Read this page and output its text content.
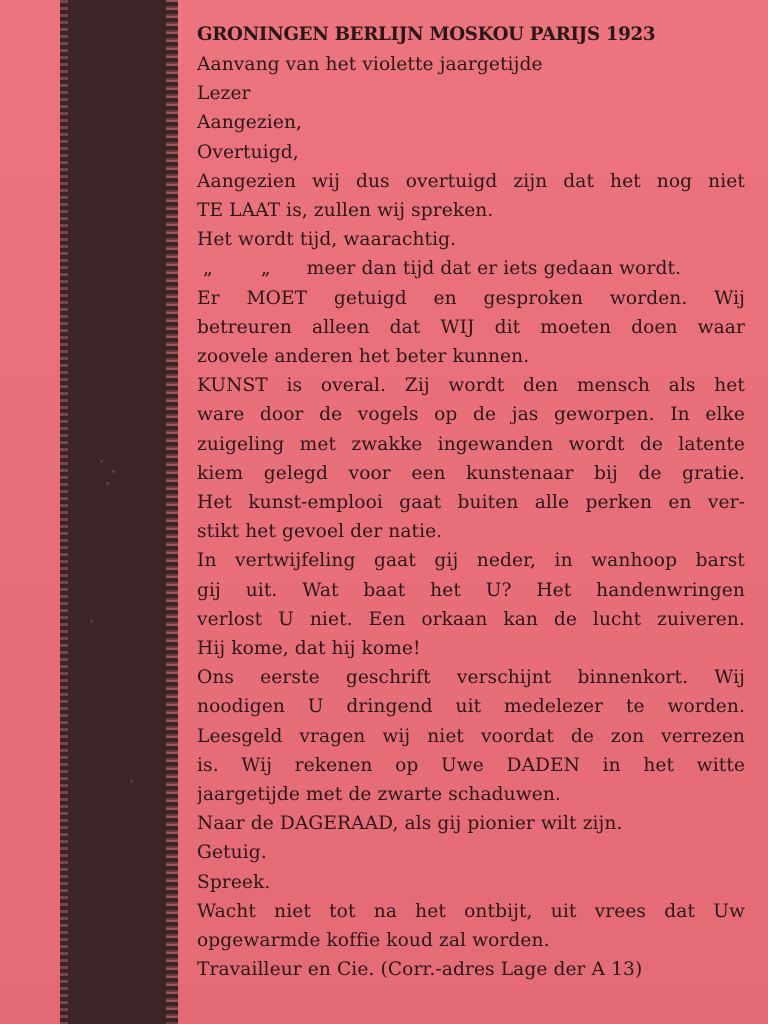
GRONINGEN BERLIJN MOSKOU PARIJS 1923
Aanvang van het violette jaargetijde
Lezer
Aangezien,
Overtuigd,
Aangezien wij dus overtuigd zijn dat het nog niet
TE LAAT is, zullen wij spreken.
Het wordt tijd, waarachtig.
„        „      meer dan tijd dat er iets gedaan wordt.
Er MOET getuigd en gesproken worden. Wij
betreuren alleen dat WIJ dit moeten doen waar
zoovele anderen het beter kunnen.
KUNST is overal. Zij wordt den mensch als het
ware door de vogels op de jas geworpen. In elke
zuigeling met zwakke ingewanden wordt de latente
kiem gelegd voor een kunstenaar bij de gratie.
Het kunst-emplooi gaat buiten alle perken en ver-
stikt het gevoel der natie.
In vertwijfeling gaat gij neder, in wanhoop barst
gij uit. Wat baat het U? Het handenwringen
verlost U niet. Een orkaan kan de lucht zuiveren.
Hij kome, dat hij kome!
Ons eerste geschrift verschijnt binnenkort. Wij
noodigen U dringend uit medelezer te worden.
Leesgeld vragen wij niet voordat de zon verrezen
is. Wij rekenen op Uwe DADEN in het witte
jaargetijde met de zwarte schaduwen.
Naar de DAGERAAD, als gij pionier wilt zijn.
Getuig.
Spreek.
Wacht niet tot na het ontbijt, uit vrees dat Uw
opgewarmde koffie koud zal worden.
Travailleur en Cie. (Corr.-adres Lage der A 13)
